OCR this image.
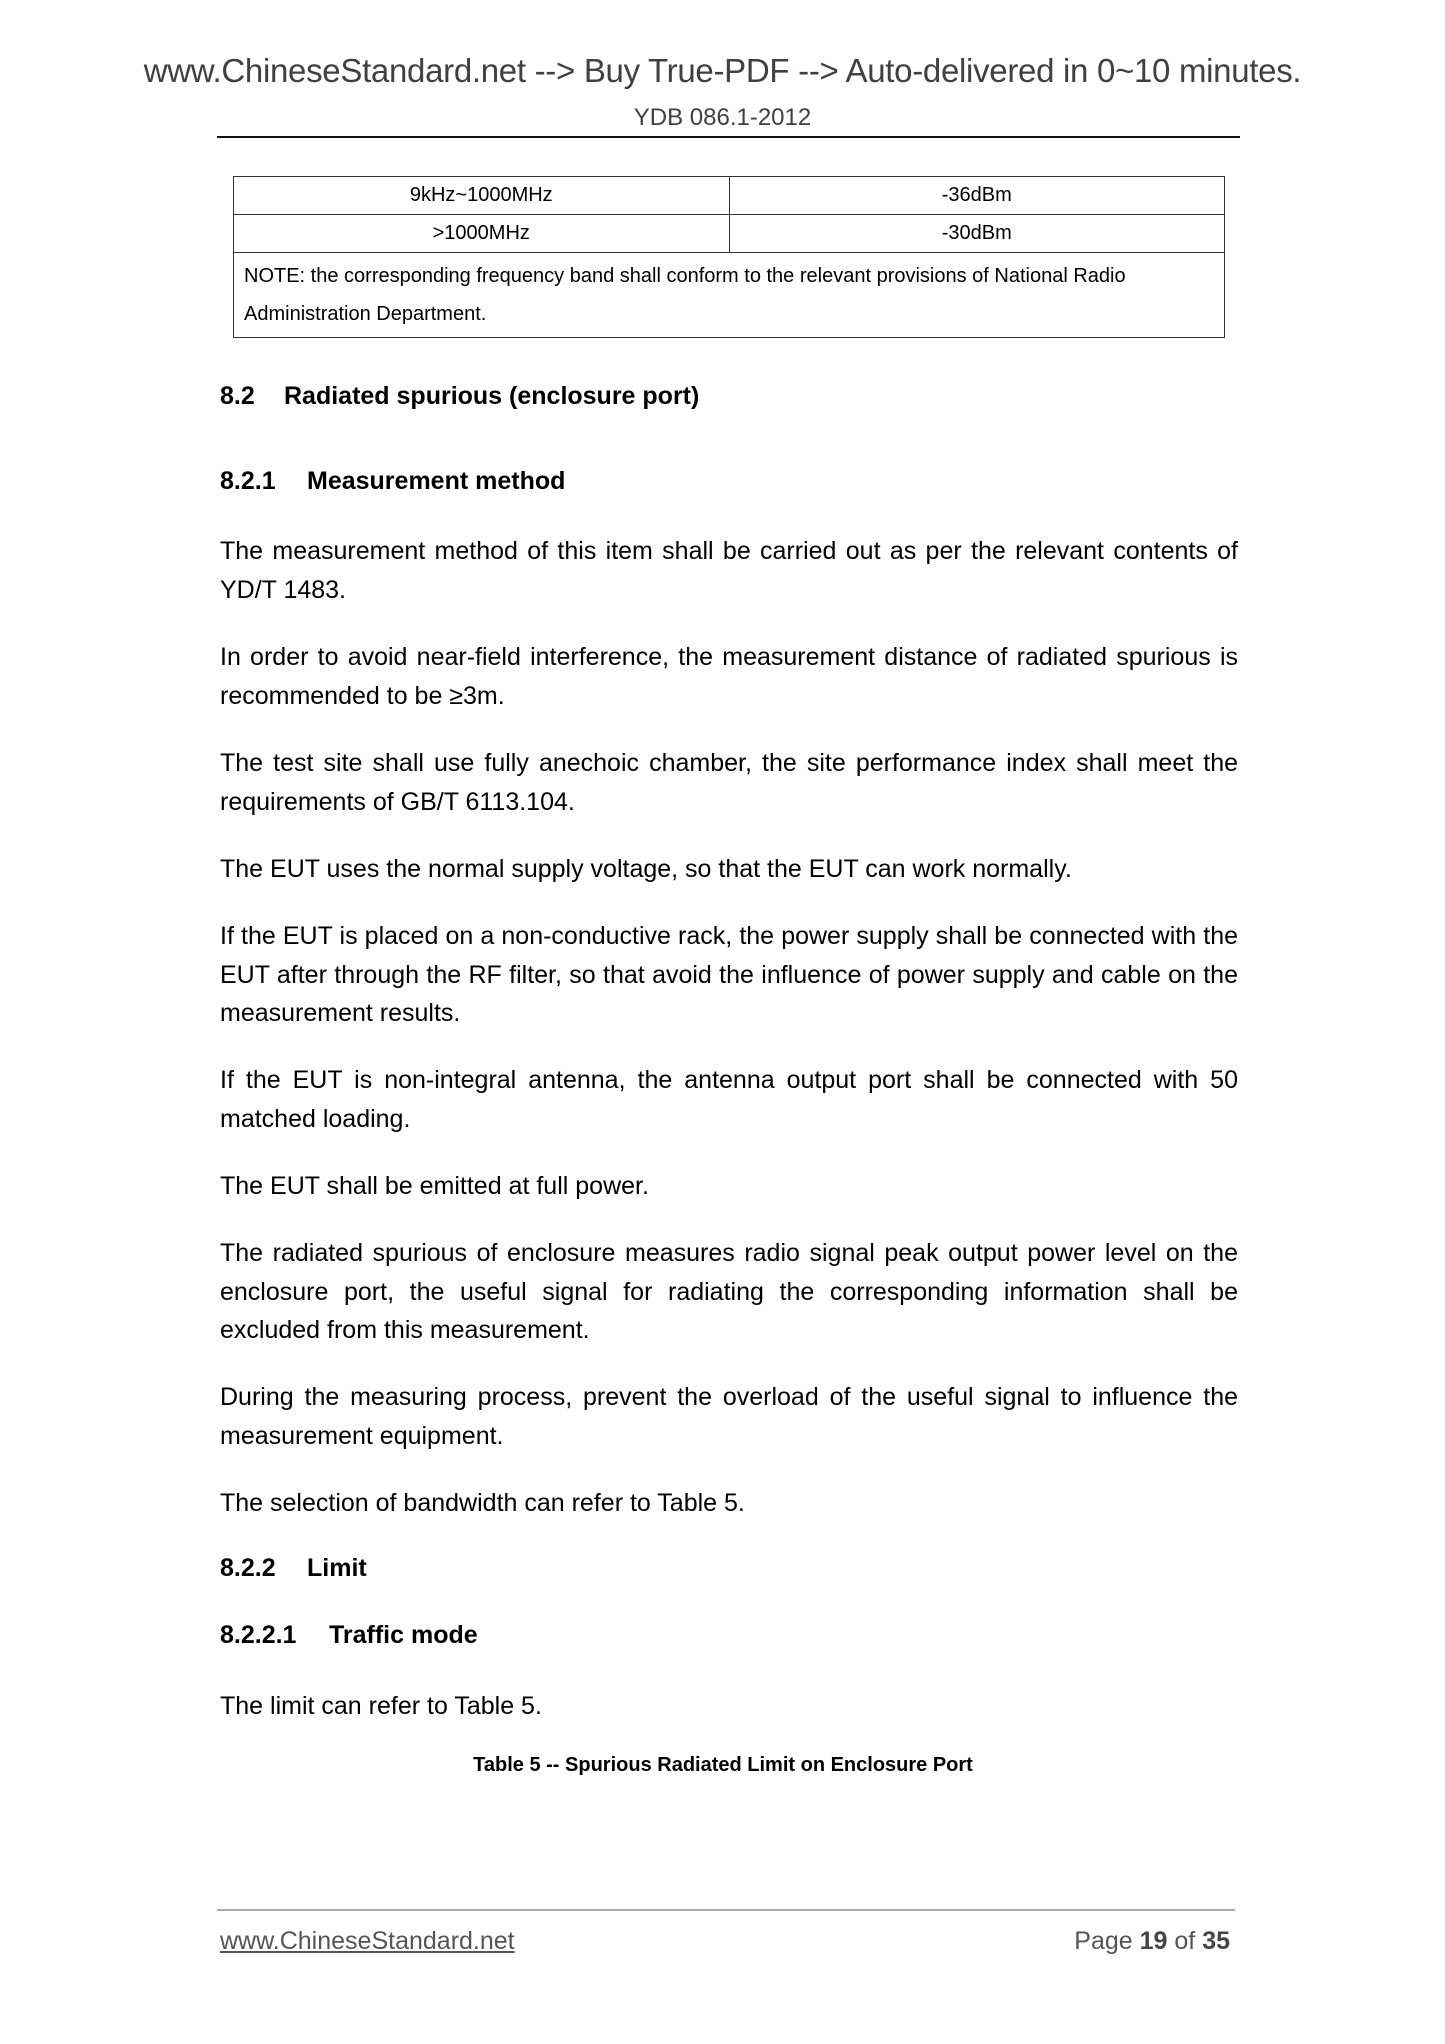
www.ChineseStandard.net --> Buy True-PDF --> Auto-delivered in 0~10 minutes.
YDB 086.1-2012
9kHz~1000MHz	-36dBm
>1000MHz	-30dBm
NOTE: the corresponding frequency band shall conform to the relevant provisions of National Radio Administration Department.	
8.2 Radiated spurious (enclosure port)
8.2.1 Measurement method

The measurement method of this item shall be carried out as per the relevant contents of YD/T 1483.

In order to avoid near-field interference, the measurement distance of radiated spurious is recommended to be ≥3m.

The test site shall use fully anechoic chamber, the site performance index shall meet the requirements of GB/T 6113.104.

The EUT uses the normal supply voltage, so that the EUT can work normally.

If the EUT is placed on a non-conductive rack, the power supply shall be connected with the EUT after through the RF filter, so that avoid the influence of power supply and cable on the measurement results.

If the EUT is non-integral antenna, the antenna output port shall be connected with 50 matched loading.

The EUT shall be emitted at full power.

The radiated spurious of enclosure measures radio signal peak output power level on the enclosure port, the useful signal for radiating the corresponding information shall be excluded from this measurement.

During the measuring process, prevent the overload of the useful signal to influence the measurement equipment.

The selection of bandwidth can refer to Table 5.

8.2.2 Limit
8.2.2.1 Traffic mode

The limit can refer to Table 5.

Table 5 -- Spurious Radiated Limit on Enclosure Port
www.ChineseStandard.net	Page 19 of 35
